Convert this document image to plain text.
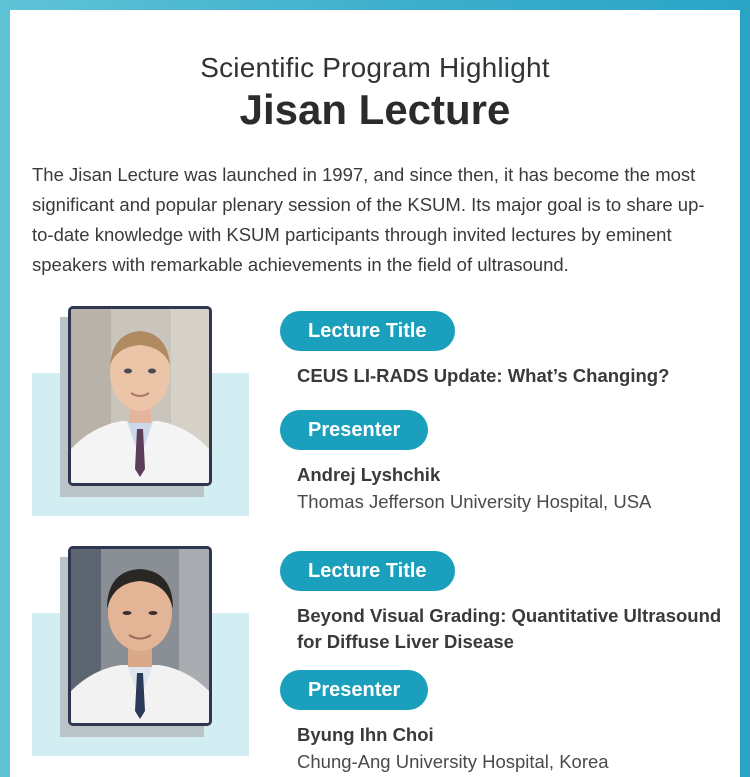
Scientific Program Highlight
Jisan Lecture
The Jisan Lecture was launched in 1997, and since then, it has become the most significant and popular plenary session of the KSUM. Its major goal is to share up-to-date knowledge with KSUM participants through invited lectures by eminent speakers with remarkable achievements in the field of ultrasound.
Lecture Title
CEUS LI-RADS Update: What’s Changing?
Presenter
Andrej Lyshchik
Thomas Jefferson University Hospital, USA
Lecture Title
Beyond Visual Grading: Quantitative Ultrasound for Diffuse Liver Disease
Presenter
Byung Ihn Choi
Chung-Ang University Hospital, Korea
